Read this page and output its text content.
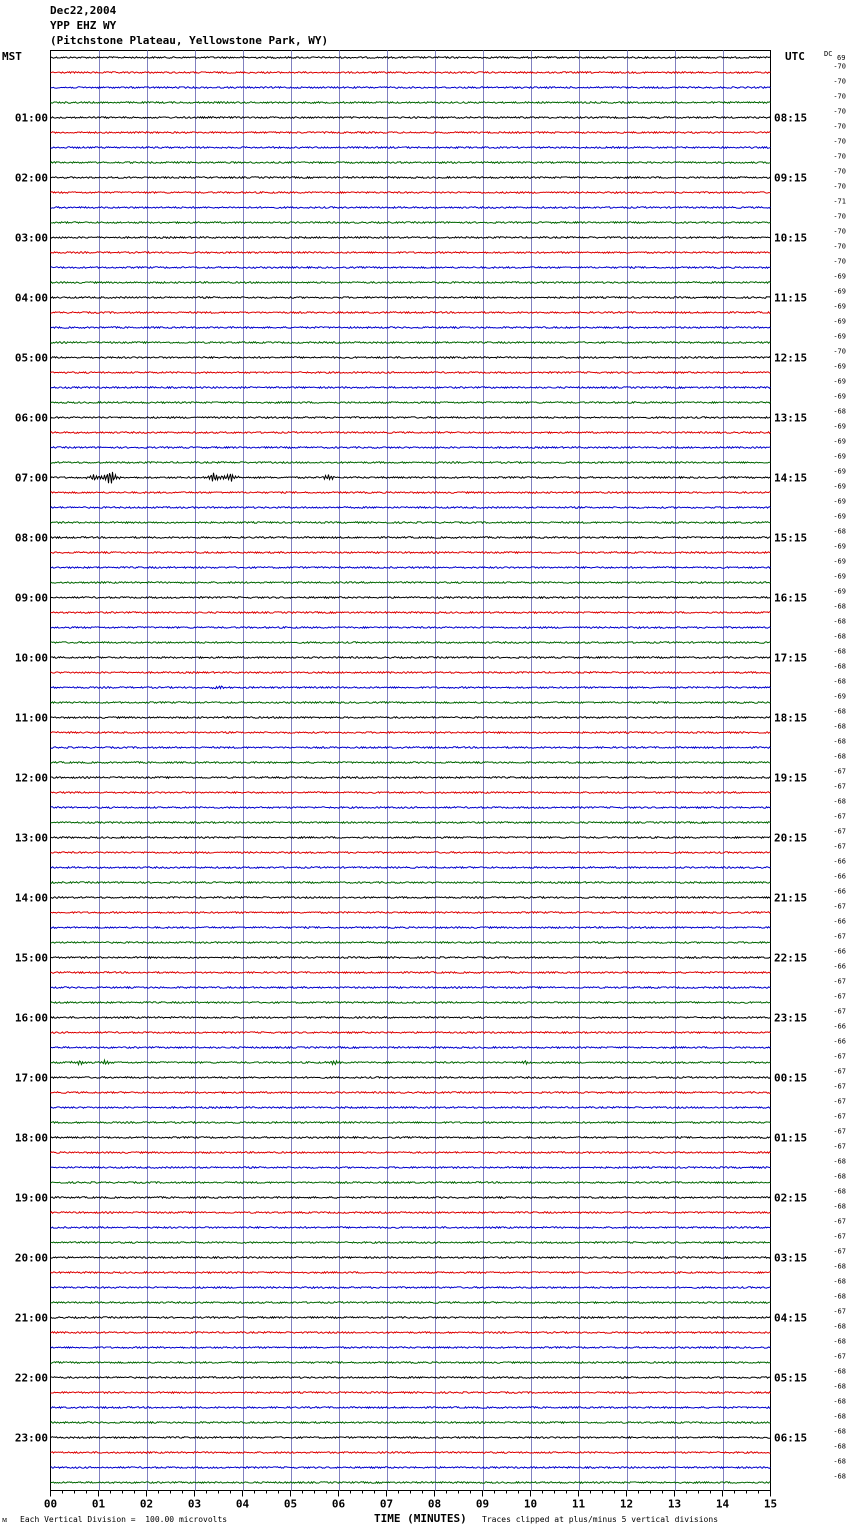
Dec22,2004
YPP EHZ WY
(Pitchstone Plateau, Yellowstone Park, WY)
MST	UTC
00	01	02	03	04	05	06	07	08	09	10	11	12	13	14	15
01:00
02:00
03:00
04:00
05:00
06:00
07:00
08:00
09:00
10:00
11:00
12:00
13:00
14:00
15:00
16:00
17:00
18:00
19:00
20:00
21:00
22:00
23:00
08:15
09:15
10:15
11:15
12:15
13:15
14:15
15:15
16:15
17:15
18:15
19:15
20:15
21:15
22:15
23:15
00:15
01:15
02:15
03:15
04:15
05:15
06:15
DC 69
-70
-70
-70
-70
-70
-70
-70
-70
-70
-71
-70
-70
-70
-70
-69
-69
-69
-69
-69
-70
-69
-69
-69
-68
-69
-69
-69
-69
-69
-69
-69
-68
-69
-69
-69
-69
-68
-68
-68
-68
-68
-68
-69
-68
-68
-68
-68
-67
-67
-68
-67
-67
-67
-66
-66
-66
-67
-66
-67
-66
-66
-67
-67
-67
-66
-66
-67
-67
-67
-67
-67
-67
-67
-68
-68
-68
-68
-67
-67
-67
-68
-68
-68
-67
-68
-68
-67
-68
-68
-68
-68
-68
-68
-68
-68
ᴍ Each Vertical Division =  100.00 microvolts	TIME (MINUTES) Traces clipped at plus/minus 5 vertical divisions
